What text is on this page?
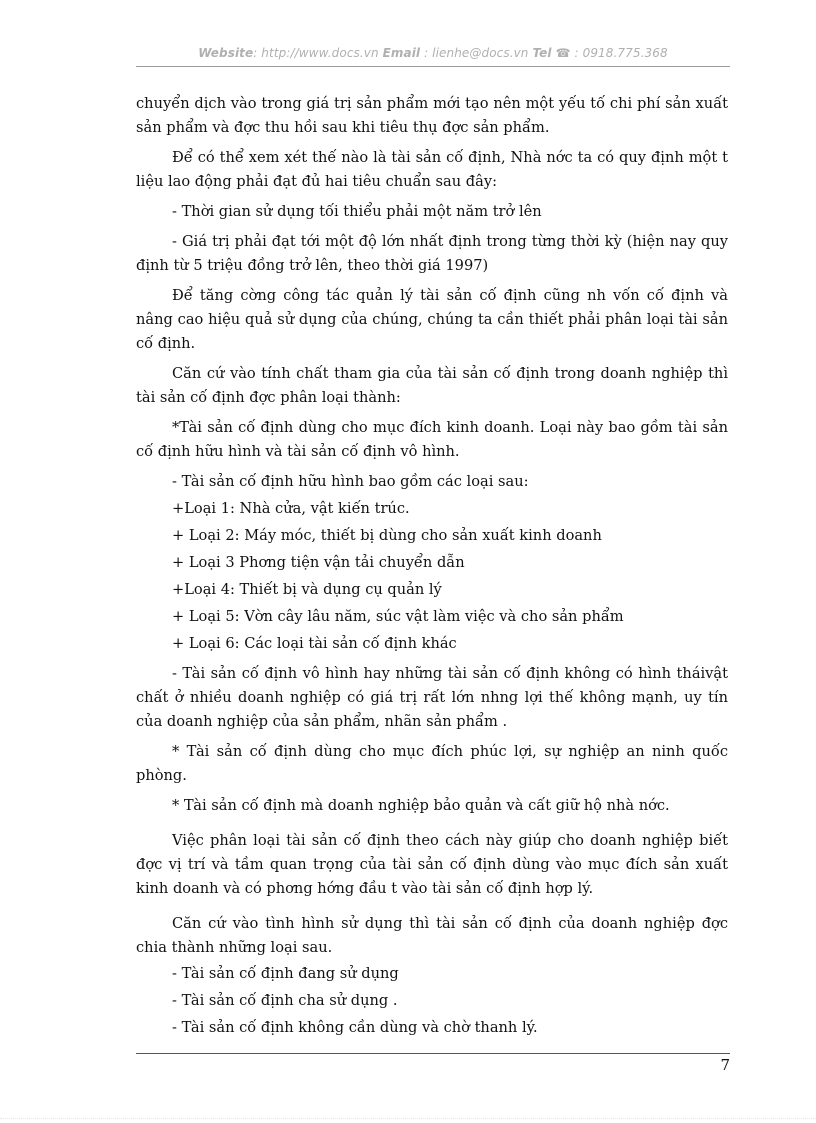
Website: http://www.docs.vn Email : lienhe@docs.vn Tel ☎ : 0918.775.368

chuyển dịch vào trong giá trị sản phẩm mới tạo nên một yếu tố chi phí sản xuất sản phẩm và đợc thu hồi sau khi tiêu thụ đợc sản phẩm.

Để có thể xem xét thế nào là tài sản cố định, Nhà nớc ta có quy định một t liệu lao động phải đạt đủ hai tiêu chuẩn sau đây:

- Thời gian sử dụng tối thiểu phải một năm trở lên

- Giá trị phải đạt tới một độ lớn nhất định trong từng thời kỳ (hiện nay quy định từ 5 triệu đồng trở lên, theo thời giá 1997)

Để tăng cờng công tác quản lý tài sản cố định cũng nh vốn cố định và nâng cao hiệu quả sử dụng của chúng, chúng ta cần thiết phải phân loại tài sản cố định.

Căn cứ vào tính chất tham gia của tài sản cố định trong doanh nghiệp thì tài sản cố định đợc phân loại thành:

*Tài sản cố định dùng cho mục đích kinh doanh. Loại này bao gồm tài sản cố định hữu hình và tài sản cố định vô hình.

- Tài sản cố định hữu hình bao gồm các loại sau:

+Loại 1: Nhà cửa, vật kiến trúc.

+ Loại 2: Máy móc, thiết bị dùng cho sản xuất kinh doanh

+ Loại 3 Phơng tiện vận tải chuyển dẫn

+Loại 4: Thiết bị và dụng cụ quản lý

+ Loại 5: Vờn cây lâu năm, súc vật làm việc và cho sản phẩm

+ Loại 6: Các loại tài sản cố định khác

- Tài sản cố định vô hình hay những tài sản cố định không có hình tháivật chất ở nhiều doanh nghiệp có giá trị rất lớn nhng lợi thế không mạnh, uy tín của doanh nghiệp của sản phẩm, nhãn sản phẩm .

* Tài sản cố định dùng cho mục đích phúc lợi, sự nghiệp an ninh quốc phòng.

* Tài sản cố định mà doanh nghiệp bảo quản và cất giữ hộ nhà nớc.

Việc phân loại tài sản cố định theo cách này giúp cho doanh nghiệp biết đợc vị trí và tầm quan trọng của tài sản cố định dùng vào mục đích sản xuất kinh doanh và có phơng hớng đầu t vào tài sản cố định hợp lý.

Căn cứ vào tình hình sử dụng thì tài sản cố định của doanh nghiệp đợc chia thành những loại sau.

- Tài sản cố định đang sử dụng

- Tài sản cố định cha sử dụng .

- Tài sản cố định không cần dùng và chờ thanh lý.

7
